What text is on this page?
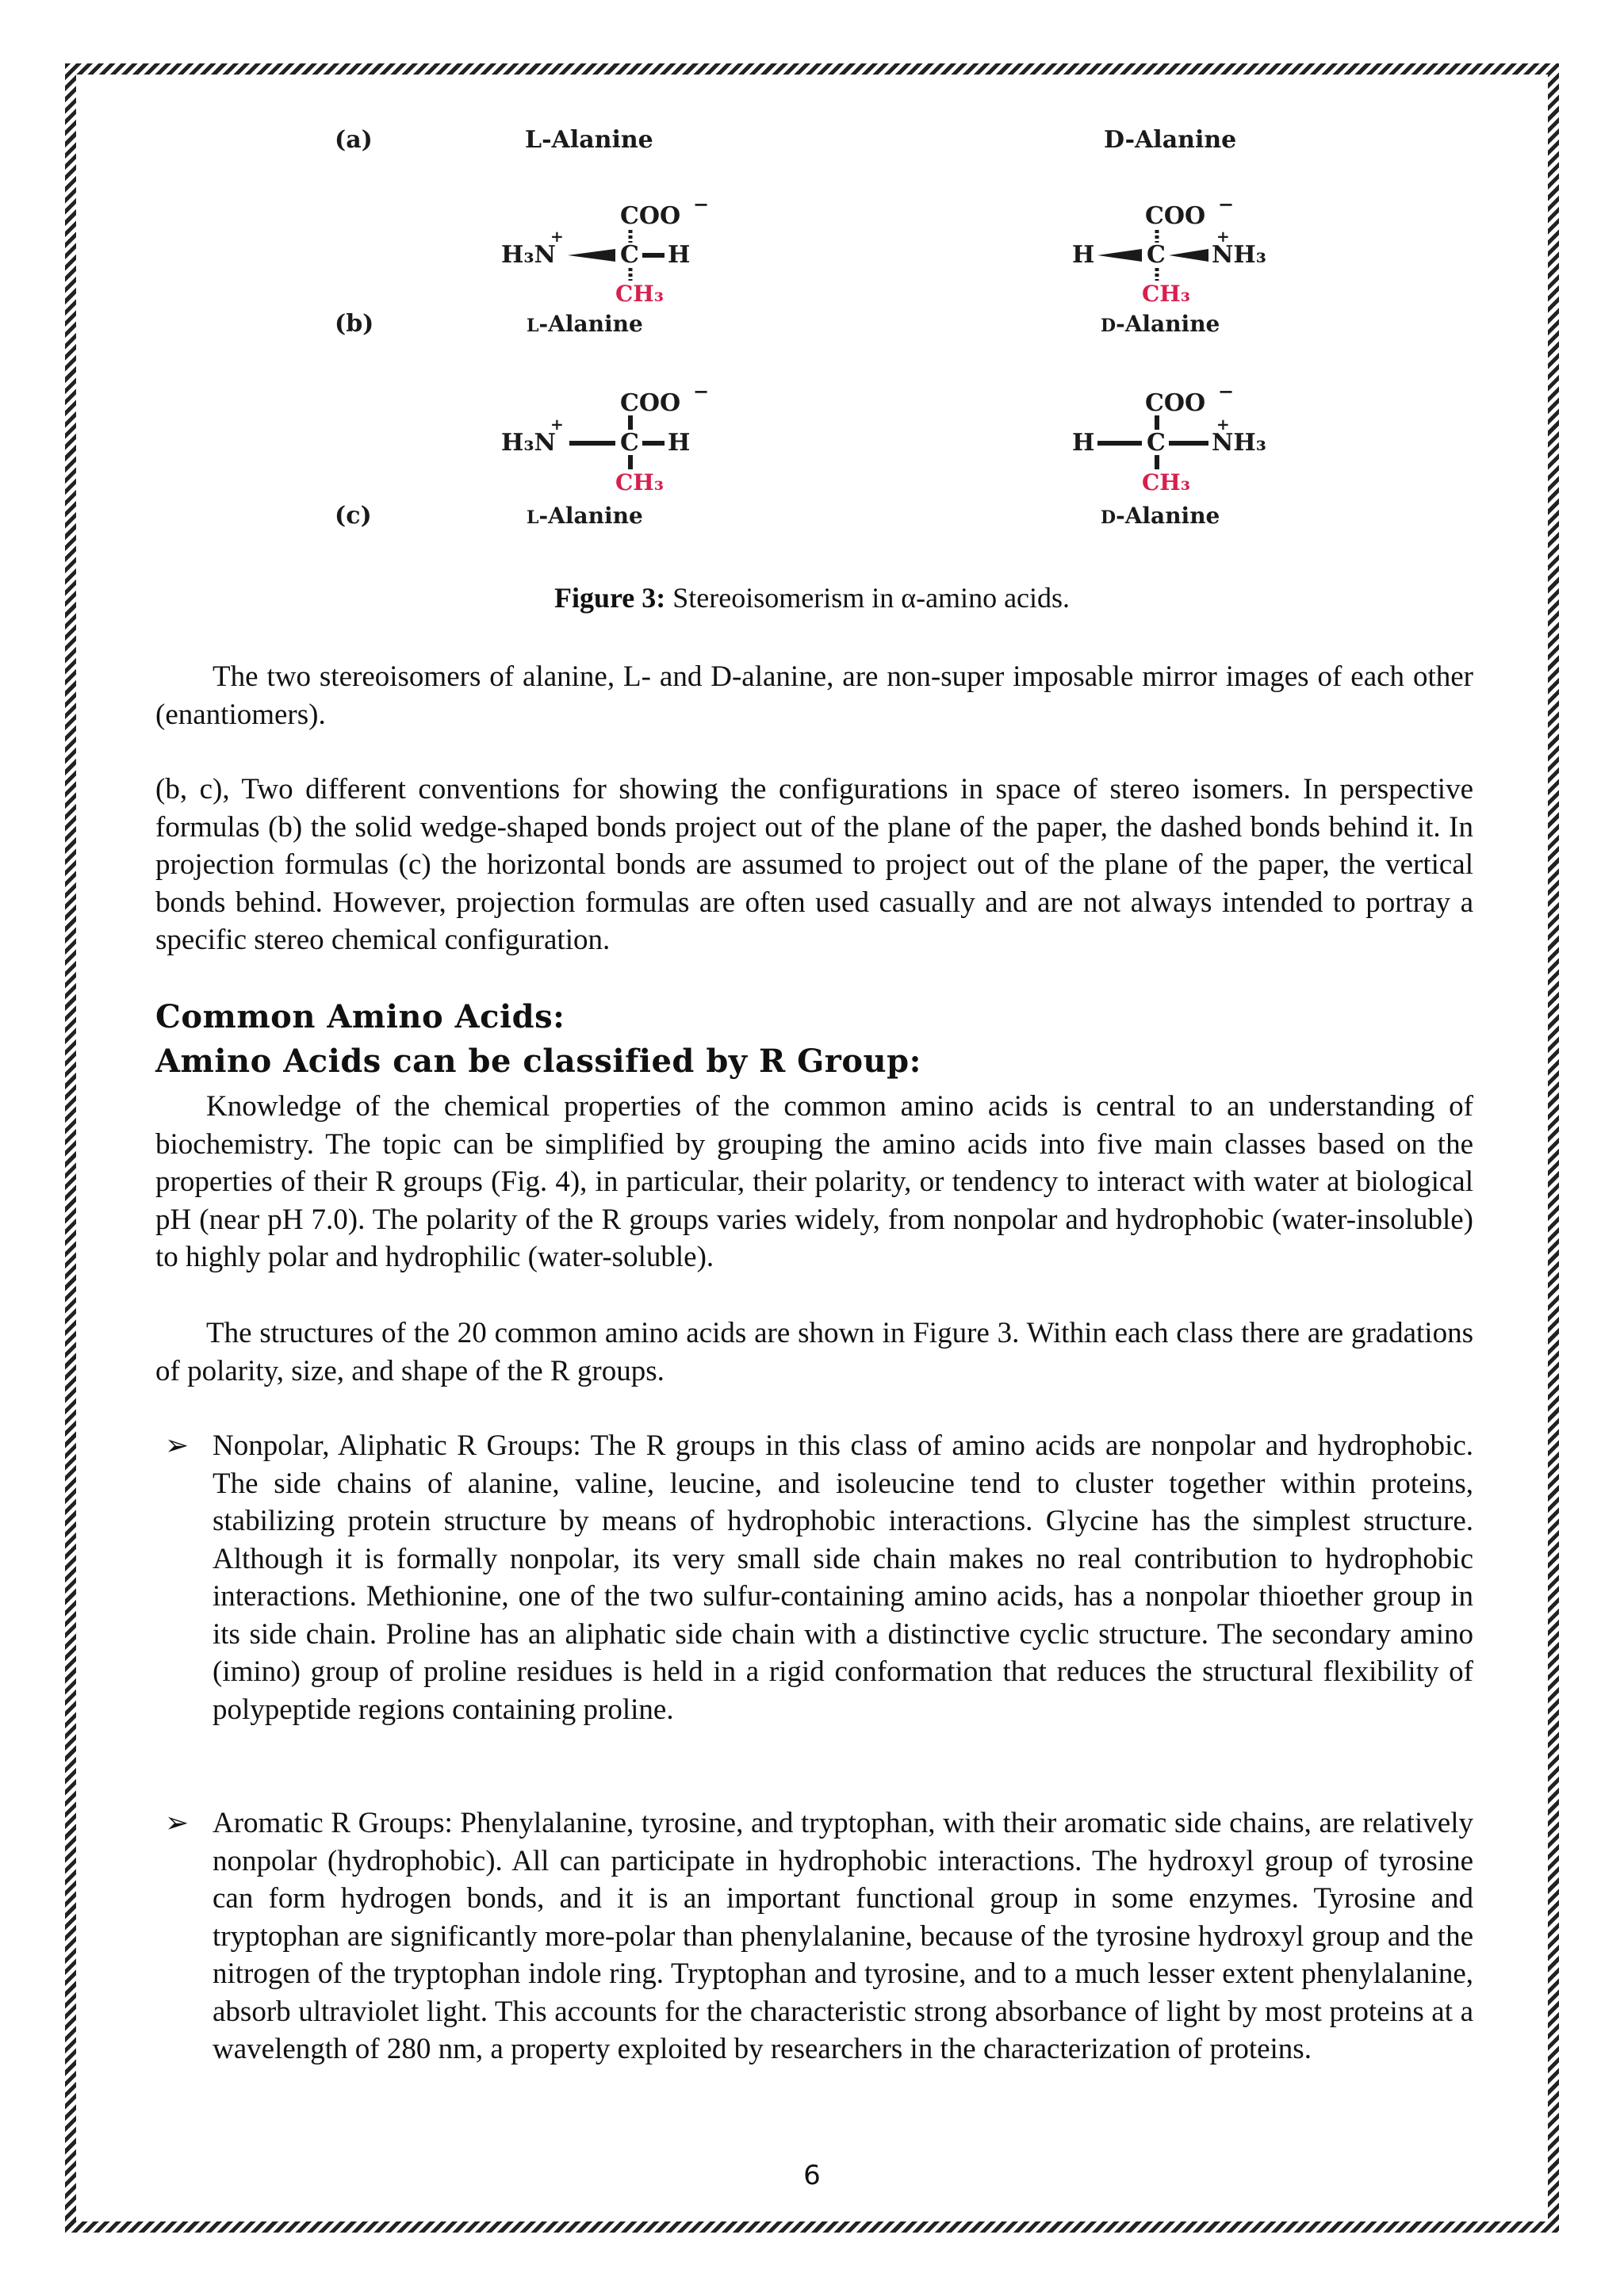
(a)
(b)
(c)
L-Alanine	D-Alanine
COO −
H₃N
+
C H
CH₃
L-Alanine
COO −
H C NH₃
+
CH₃
D-Alanine
COO −
H₃N
+
C H
CH₃
L-Alanine
COO −
H C NH₃
+
CH₃
D-Alanine
Figure 3: Stereoisomerism in α-amino acids.

The two stereoisomers of alanine, L- and D-alanine, are non-super imposable mirror images of each other (enantiomers).

(b, c), Two different conventions for showing the configurations in space of stereo isomers. In perspective formulas (b) the solid wedge-shaped bonds project out of the plane of the paper, the dashed bonds behind it. In projection formulas (c) the horizontal bonds are assumed to project out of the plane of the paper, the vertical bonds behind. However, projection formulas are often used casually and are not always intended to portray a specific stereo chemical configuration.

Common Amino Acids:
Amino Acids can be classified by R Group:

Knowledge of the chemical properties of the common amino acids is central to an understanding of biochemistry. The topic can be simplified by grouping the amino acids into five main classes based on the properties of their R groups (Fig. 4), in particular, their polarity, or tendency to interact with water at biological pH (near pH 7.0). The polarity of the R groups varies widely, from nonpolar and hydrophobic (water-insoluble) to highly polar and hydrophilic (water-soluble).

The structures of the 20 common amino acids are shown in Figure 3. Within each class there are gradations of polarity, size, and shape of the R groups.

➢ Nonpolar, Aliphatic R Groups: The R groups in this class of amino acids are nonpolar and hydrophobic. The side chains of alanine, valine, leucine, and isoleucine tend to cluster together within proteins, stabilizing protein structure by means of hydrophobic interactions. Glycine has the simplest structure. Although it is formally nonpolar, its very small side chain makes no real contribution to hydrophobic interactions. Methionine, one of the two sulfur-containing amino acids, has a nonpolar thioether group in its side chain. Proline has an aliphatic side chain with a distinctive cyclic structure. The secondary amino (imino) group of proline residues is held in a rigid conformation that reduces the structural flexibility of polypeptide regions containing proline.

➢ Aromatic R Groups: Phenylalanine, tyrosine, and tryptophan, with their aromatic side chains, are relatively nonpolar (hydrophobic). All can participate in hydrophobic interactions. The hydroxyl group of tyrosine can form hydrogen bonds, and it is an important functional group in some enzymes. Tyrosine and tryptophan are significantly more-polar than phenylalanine, because of the tyrosine hydroxyl group and the nitrogen of the tryptophan indole ring. Tryptophan and tyrosine, and to a much lesser extent phenylalanine, absorb ultraviolet light. This accounts for the characteristic strong absorbance of light by most proteins at a wavelength of 280 nm, a property exploited by researchers in the characterization of proteins.

6
